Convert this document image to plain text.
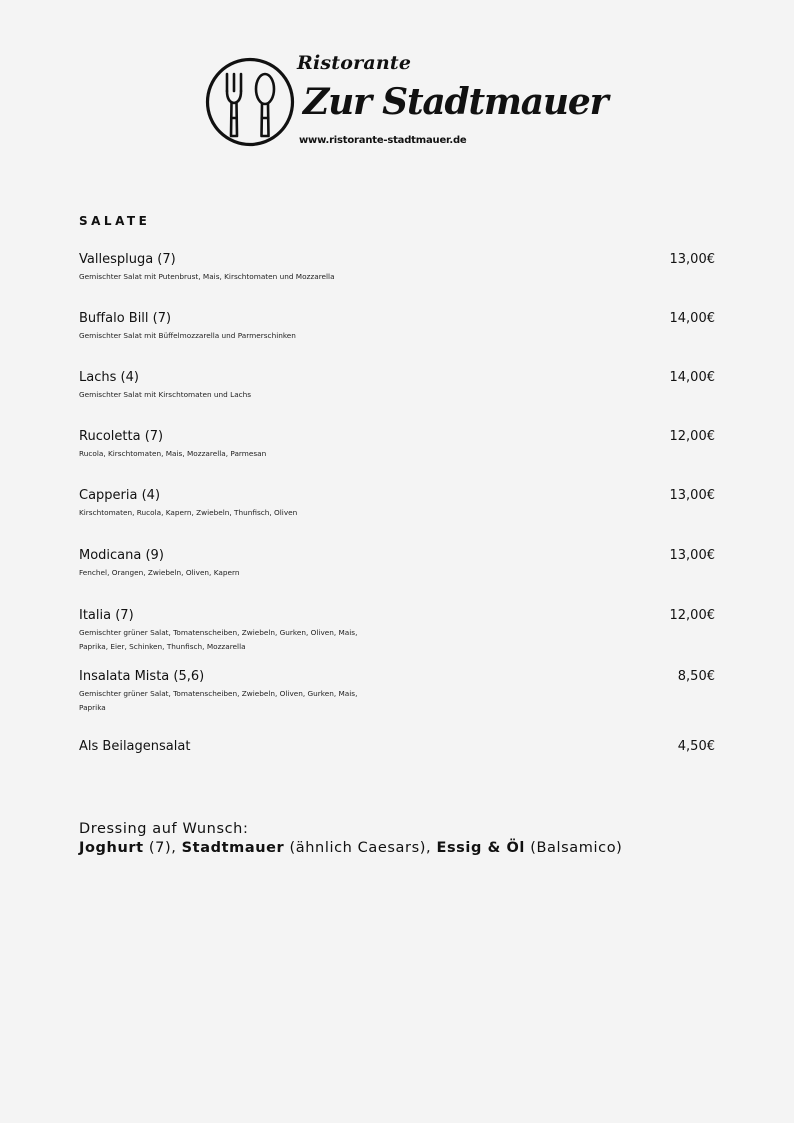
Ristorante
Zur Stadtmauer
www.ristorante-stadtmauer.de
SALATE
Vallespluga (7)
Gemischter Salat mit Putenbrust, Mais, Kirschtomaten und Mozzarella
13,00€
Buffalo Bill (7)
Gemischter Salat mit Büffelmozzarella und Parmerschinken
14,00€
Lachs (4)
Gemischter Salat mit Kirschtomaten und Lachs
14,00€
Rucoletta (7)
Rucola, Kirschtomaten, Mais, Mozzarella, Parmesan
12,00€
Capperia (4)
Kirschtomaten, Rucola, Kapern, Zwiebeln, Thunfisch, Oliven
13,00€
Modicana (9)
Fenchel, Orangen, Zwiebeln, Oliven, Kapern
13,00€
Italia (7)
Gemischter grüner Salat, Tomatenscheiben, Zwiebeln, Gurken, Oliven, Mais, Paprika, Eier, Schinken, Thunfisch, Mozzarella
12,00€
Insalata Mista (5,6)
Gemischter grüner Salat, Tomatenscheiben, Zwiebeln, Oliven, Gurken, Mais, Paprika
8,50€
Als Beilagensalat	4,50€
Dressing auf Wunsch:
Joghurt (7), Stadtmauer (ähnlich Caesars), Essig & Öl (Balsamico)
